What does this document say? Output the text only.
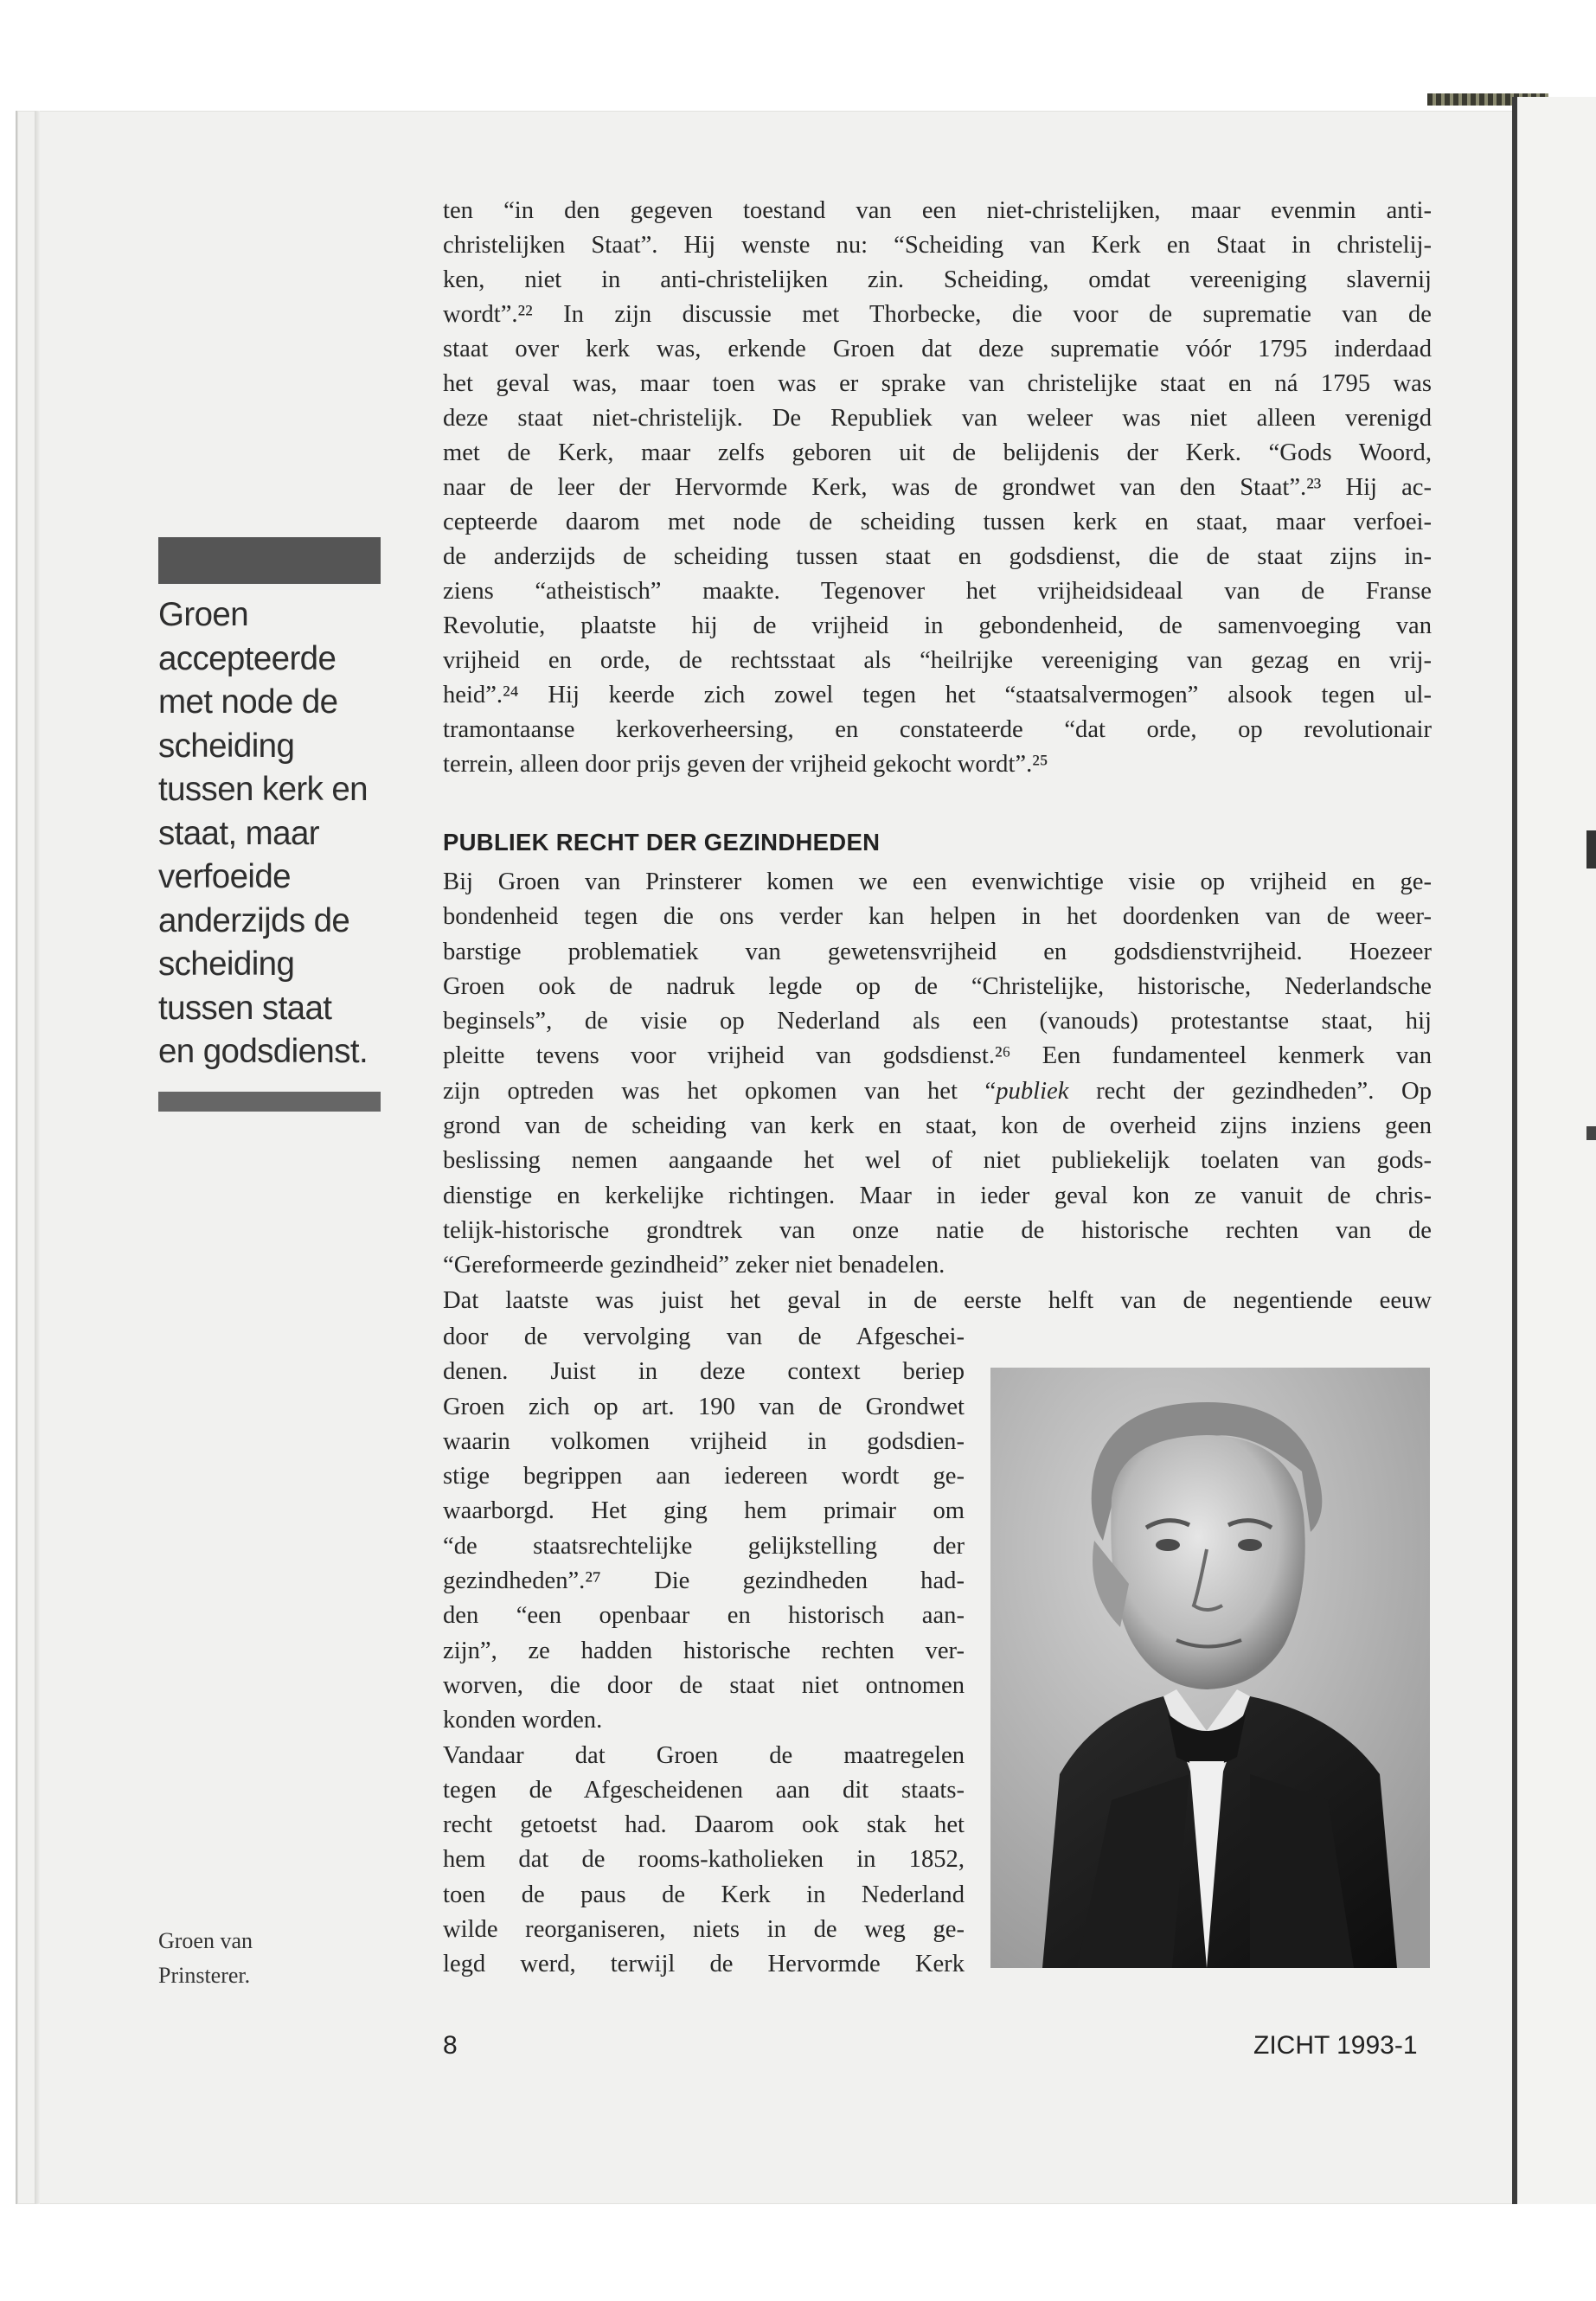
Groen
accepteerde
met node de
scheiding
tussen kerk en
staat, maar
verfoeide
anderzijds de
scheiding
tussen staat
en godsdienst.
Groen van
Prinsterer.
ten “in den gegeven toestand van een niet-christelijken, maar evenmin anti-
christelijken Staat”. Hij wenste nu: “Scheiding van Kerk en Staat in christelij-
ken, niet in anti-christelijken zin. Scheiding, omdat vereeniging slavernij
wordt”.²² In zijn discussie met Thorbecke, die voor de suprematie van de
staat over kerk was, erkende Groen dat deze suprematie vóór 1795 inderdaad
het geval was, maar toen was er sprake van christelijke staat en ná 1795 was
deze staat niet-christelijk. De Republiek van weleer was niet alleen verenigd
met de Kerk, maar zelfs geboren uit de belijdenis der Kerk. “Gods Woord,
naar de leer der Hervormde Kerk, was de grondwet van den Staat”.²³ Hij ac-
cepteerde daarom met node de scheiding tussen kerk en staat, maar verfoei-
de anderzijds de scheiding tussen staat en godsdienst, die de staat zijns in-
ziens “atheistisch” maakte. Tegenover het vrijheidsideaal van de Franse
Revolutie, plaatste hij de vrijheid in gebondenheid, de samenvoeging van
vrijheid en orde, de rechtsstaat als “heilrijke vereeniging van gezag en vrij-
heid”.²⁴ Hij keerde zich zowel tegen het “staatsalvermogen” alsook tegen ul-
tramontaanse kerkoverheersing, en constateerde “dat orde, op revolutionair
terrein, alleen door prijs geven der vrijheid gekocht wordt”.²⁵
PUBLIEK RECHT DER GEZINDHEDEN
Bij Groen van Prinsterer komen we een evenwichtige visie op vrijheid en ge-
bondenheid tegen die ons verder kan helpen in het doordenken van de weer-
barstige problematiek van gewetensvrijheid en godsdienstvrijheid. Hoezeer
Groen ook de nadruk legde op de “Christelijke, historische, Nederlandsche
beginsels”, de visie op Nederland als een (vanouds) protestantse staat, hij
pleitte tevens voor vrijheid van godsdienst.²⁶ Een fundamenteel kenmerk van
zijn optreden was het opkomen van het “publiek recht der gezindheden”. Op
grond van de scheiding van kerk en staat, kon de overheid zijns inziens geen
beslissing nemen aangaande het wel of niet publiekelijk toelaten van gods-
dienstige en kerkelijke richtingen. Maar in ieder geval kon ze vanuit de chris-
telijk-historische grondtrek van onze natie de historische rechten van de
“Gereformeerde gezindheid” zeker niet benadelen.
Dat laatste was juist het geval in de eerste helft van de negentiende eeuw
door de vervolging van de Afgeschei-
denen. Juist in deze context beriep
Groen zich op art. 190 van de Grondwet
waarin volkomen vrijheid in godsdien-
stige begrippen aan iedereen wordt ge-
waarborgd. Het ging hem primair om
“de staatsrechtelijke gelijkstelling der
gezindheden”.²⁷ Die gezindheden had-
den “een openbaar en historisch aan-
zijn”, ze hadden historische rechten ver-
worven, die door de staat niet ontnomen
konden worden.
Vandaar dat Groen de maatregelen
tegen de Afgescheidenen aan dit staats-
recht getoetst had. Daarom ook stak het
hem dat de rooms-katholieken in 1852,
toen de paus de Kerk in Nederland
wilde reorganiseren, niets in de weg ge-
legd werd, terwijl de Hervormde Kerk
8	ZICHT 1993-1
